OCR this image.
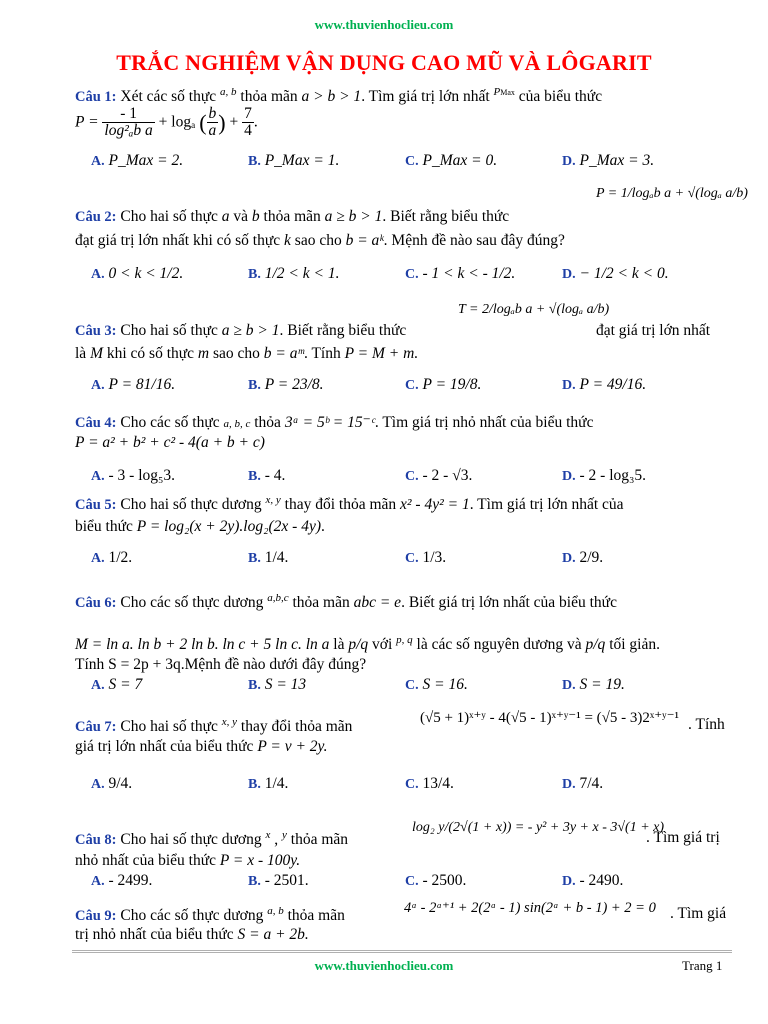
www.thuvienhoclieu.com
TRẮC NGHIỆM VẬN DỤNG CAO MŨ VÀ LÔGARIT
Câu 1: Xét các số thực $^{a, b}$ thỏa mãn a > b > 1. Tìm giá trị lớn nhất $^{PMax}$ của biểu thức
$P = \frac{- 1}{\text{log²ₐb a}} + \log_a$ ( $\frac{b}{a}$ ) + $\frac{7}{4}$ .
A. P_Max = 2.	B. P_Max = 1.	C. P_Max = 0.	D. P_Max = 3.
Câu 2: Cho hai số thực a và b thỏa mãn a ≥ b > 1. Biết rằng biểu thức
P = 1/logₐb a + √(logₐ a/b)
đạt giá trị lớn nhất khi có số thực k sao cho b = aᵏ. Mệnh đề nào sau đây đúng?
A. 0 < k < 1/2.	B. 1/2 < k < 1.	C. - 1 < k < - 1/2.	D. − 1/2 < k < 0.
Câu 3: Cho hai số thực a ≥ b > 1. Biết rằng biểu thức
T = 2/logₐb a + √(logₐ a/b)
đạt giá trị lớn nhất
là M khi có số thực m sao cho b = aᵐ. Tính P = M + m.
A. P = 81/16.	B. P = 23/8.	C. P = 19/8.	D. P = 49/16.
Câu 4: Cho các số thực a, b, c thỏa 3ᵃ = 5ᵇ = 15⁻ᶜ. Tìm giá trị nhỏ nhất của biểu thức
P = a² + b² + c² - 4(a + b + c)
A. - 3 - log₅3.	B. - 4.	C. - 2 - √3.	D. - 2 - log₃5.
Câu 5: Cho hai số thực dương $^{x, y}$ thay đổi thỏa mãn x² - 4y² = 1. Tìm giá trị lớn nhất của
biểu thức P = log₂(x + 2y).log₂(2x - 4y).
A. 1/2.	B. 1/4.	C. 1/3.	D. 2/9.
Câu 6: Cho các số thực dương $^{a,b,c}$ thỏa mãn abc = e. Biết giá trị lớn nhất của biểu thức
M = ln a. ln b + 2 ln b. ln c + 5 ln c. ln a là p/q với $^{p, q}$ là các số nguyên dương và p/q tối giản.
Tính S = 2p + 3q.Mệnh đề nào dưới đây đúng?
A. S = 7	B. S = 13	C. S = 16.	D. S = 19.
Câu 7: Cho hai số thực $^{x, y}$ thay đổi thỏa mãn
(√5 + 1)ˣ⁺ʸ - 4(√5 - 1)ˣ⁺ʸ⁻¹ = (√5 - 3)2ˣ⁺ʸ⁻¹ . Tính
giá trị lớn nhất của biểu thức P = v + 2y.
A. 9/4.	B. 1/4.	C. 13/4.	D. 7/4.
Câu 8: Cho hai số thực dương $^x$ , $^y$ thỏa mãn
log₂ y/(2√(1 + x)) = - y² + 3y + x - 3√(1 + x)
. Tìm giá trị
nhỏ nhất của biểu thức P = x - 100y.
A. - 2499.	B. - 2501.	C. - 2500.	D. - 2490.
Câu 9: Cho các số thực dương $^{a, b}$ thỏa mãn	4ᵃ - 2ᵃ⁺¹ + 2(2ᵃ - 1) sin(2ᵃ + b - 1) + 2 = 0 . Tìm giá
trị nhỏ nhất của biểu thức S = a + 2b.
www.thuvienhoclieu.com	Trang 1
